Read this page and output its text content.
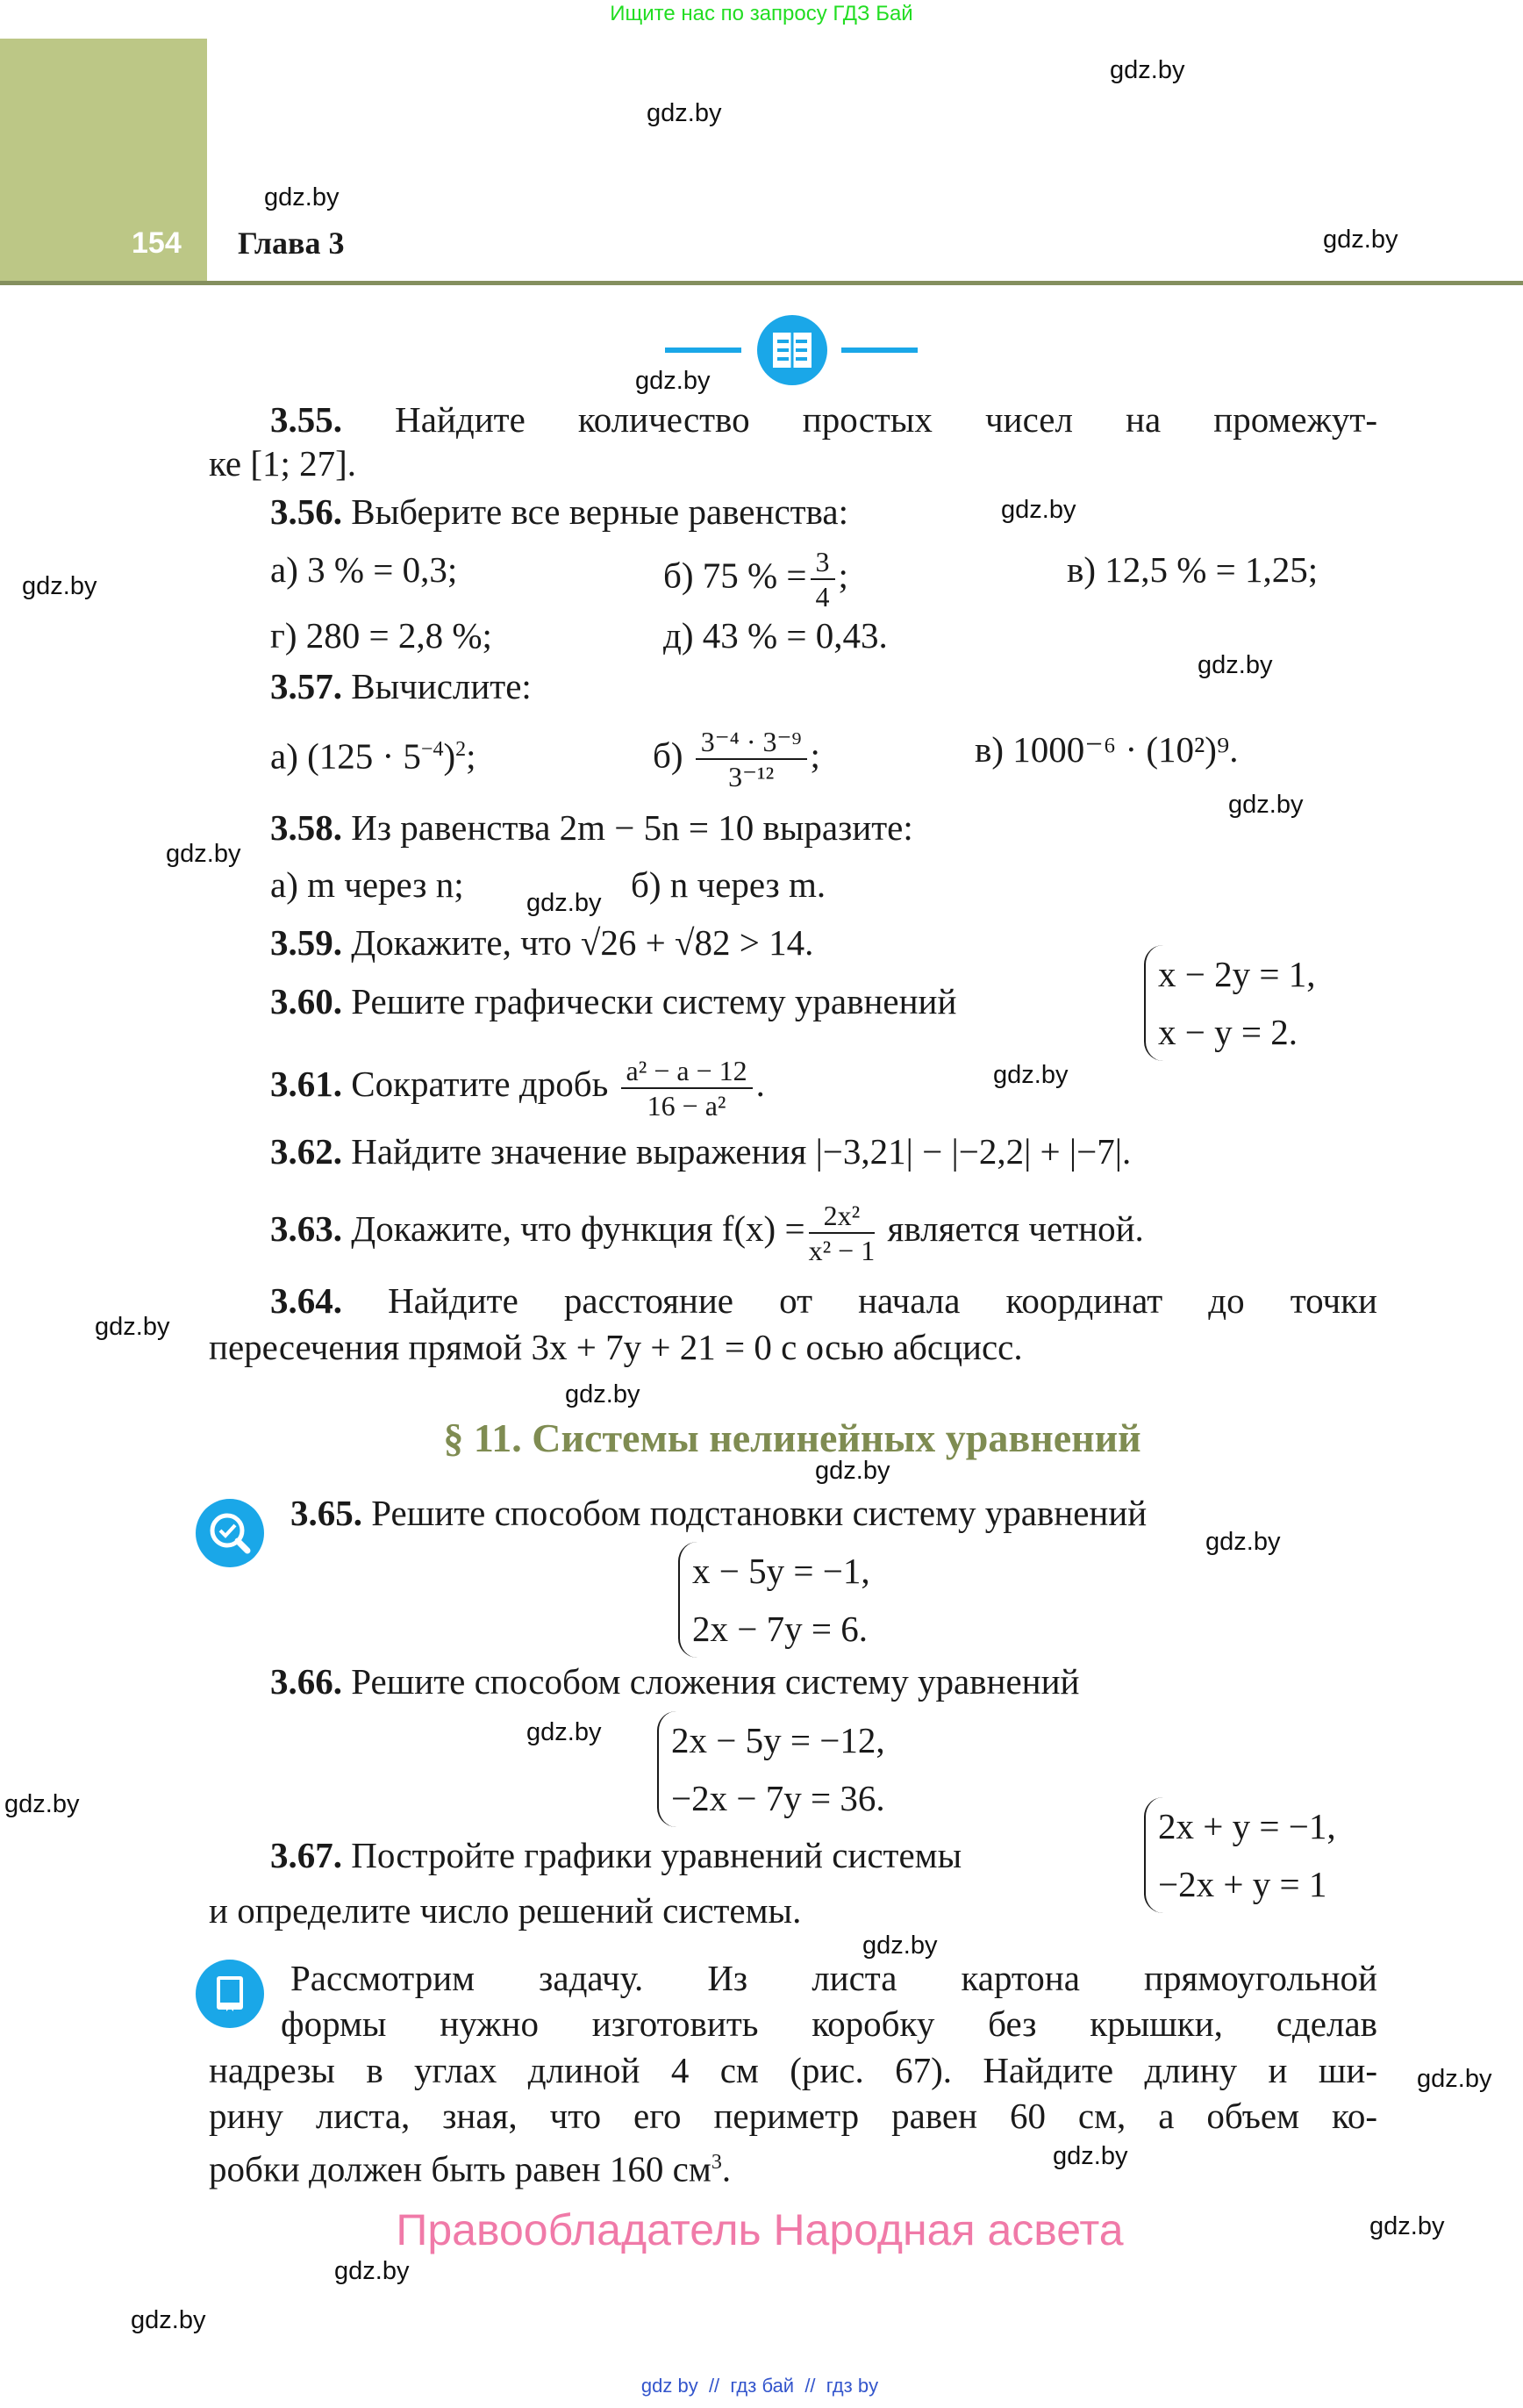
Ищите нас по запросу ГДЗ Бай
154 Глава 3
3.55. Найдите количество простых чисел на промежут-
ке [1; 27].
3.56. Выберите все верные равенства:
а) 3 % = 0,3;	б) 75 % = $\frac{3}{4}$ ;	в) 12,5 % = 1,25;
г) 280 = 2,8 %;	д) 43 % = 0,43.
3.57. Вычислите:
а) $(125 \cdot 5^{-4})^2$;	$б) \frac{\text{3⁻⁴ · 3⁻⁹}}{\text{3⁻¹²}}$ ;	в) 1000⁻⁶ · (10²)⁹.
3.58. Из равенства 2m − 5n = 10 выразите:
а) m через n;	б) n через m.
3.59. Докажите, что √26 + √82 > 14.
3.60. Решите графически систему уравнений
x − 2y = 1,
x − y = 2.
3.61. Сократите дробь $\frac{\text{a² − a − 12}}{\text{16 − a²}}$ .
3.62. Найдите значение выражения |−3,21| − |−2,2| + |−7|.
3.63. Докажите, что функция $f(x) = \frac{\text{2x²}}{\text{x² − 1}}$ является четной.
3.64. Найдите расстояние от начала координат до точки
пересечения прямой 3x + 7y + 21 = 0 с осью абсцисс.
§ 11. Системы нелинейных уравнений
3.65. Решите способом подстановки систему уравнений
x − 5y = −1,
2x − 7y = 6.
3.66. Решите способом сложения систему уравнений
2x − 5y = −12,
−2x − 7y = 36.
3.67. Постройте графики уравнений системы
и определите число решений системы.
2x + y = −1,
−2x + y = 1
Рассмотрим задачу. Из листа картона прямоугольной
формы нужно изготовить коробку без крышки, сделав
надрезы в углах длиной 4 см (рис. 67). Найдите длину и ши-
рину листа, зная, что его периметр равен 60 см, а объем ко-
робки должен быть равен 160 $см^3$.
Правообладатель Народная асвета
gdz by  //  гдз бай  //  гдз by
gdz.by
gdz.by
gdz.by
gdz.by
gdz.by
gdz.by
gdz.by
gdz.by
gdz.by
gdz.by
gdz.by
gdz.by
gdz.by
gdz.by
gdz.by
gdz.by
gdz.by
gdz.by
gdz.by
gdz.by
gdz.by
gdz.by
gdz.by
gdz.by
